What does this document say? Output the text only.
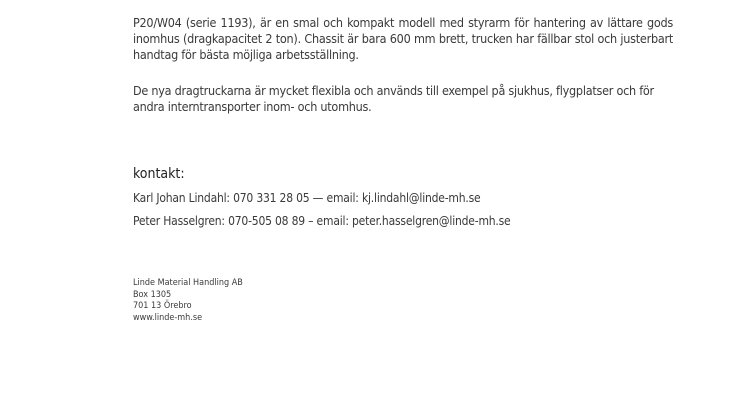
P20/W04 (serie 1193), är en smal och kompakt modell med styrarm för hantering av lättare gods inomhus (dragkapacitet 2 ton). Chassit är bara 600 mm brett, trucken har fällbar stol och justerbart handtag för bästa möjliga arbetsställning.

De nya dragtruckarna är mycket flexibla och används till exempel på sjukhus, flygplatser och för andra interntransporter inom- och utomhus.

kontakt:

Karl Johan Lindahl: 070 331 28 05 — email: kj.lindahl@linde-mh.se

Peter Hasselgren: 070-505 08 89 – email: peter.hasselgren@linde-mh.se

Linde Material Handling AB
Box 1305
701 13 Örebro
www.linde-mh.se
